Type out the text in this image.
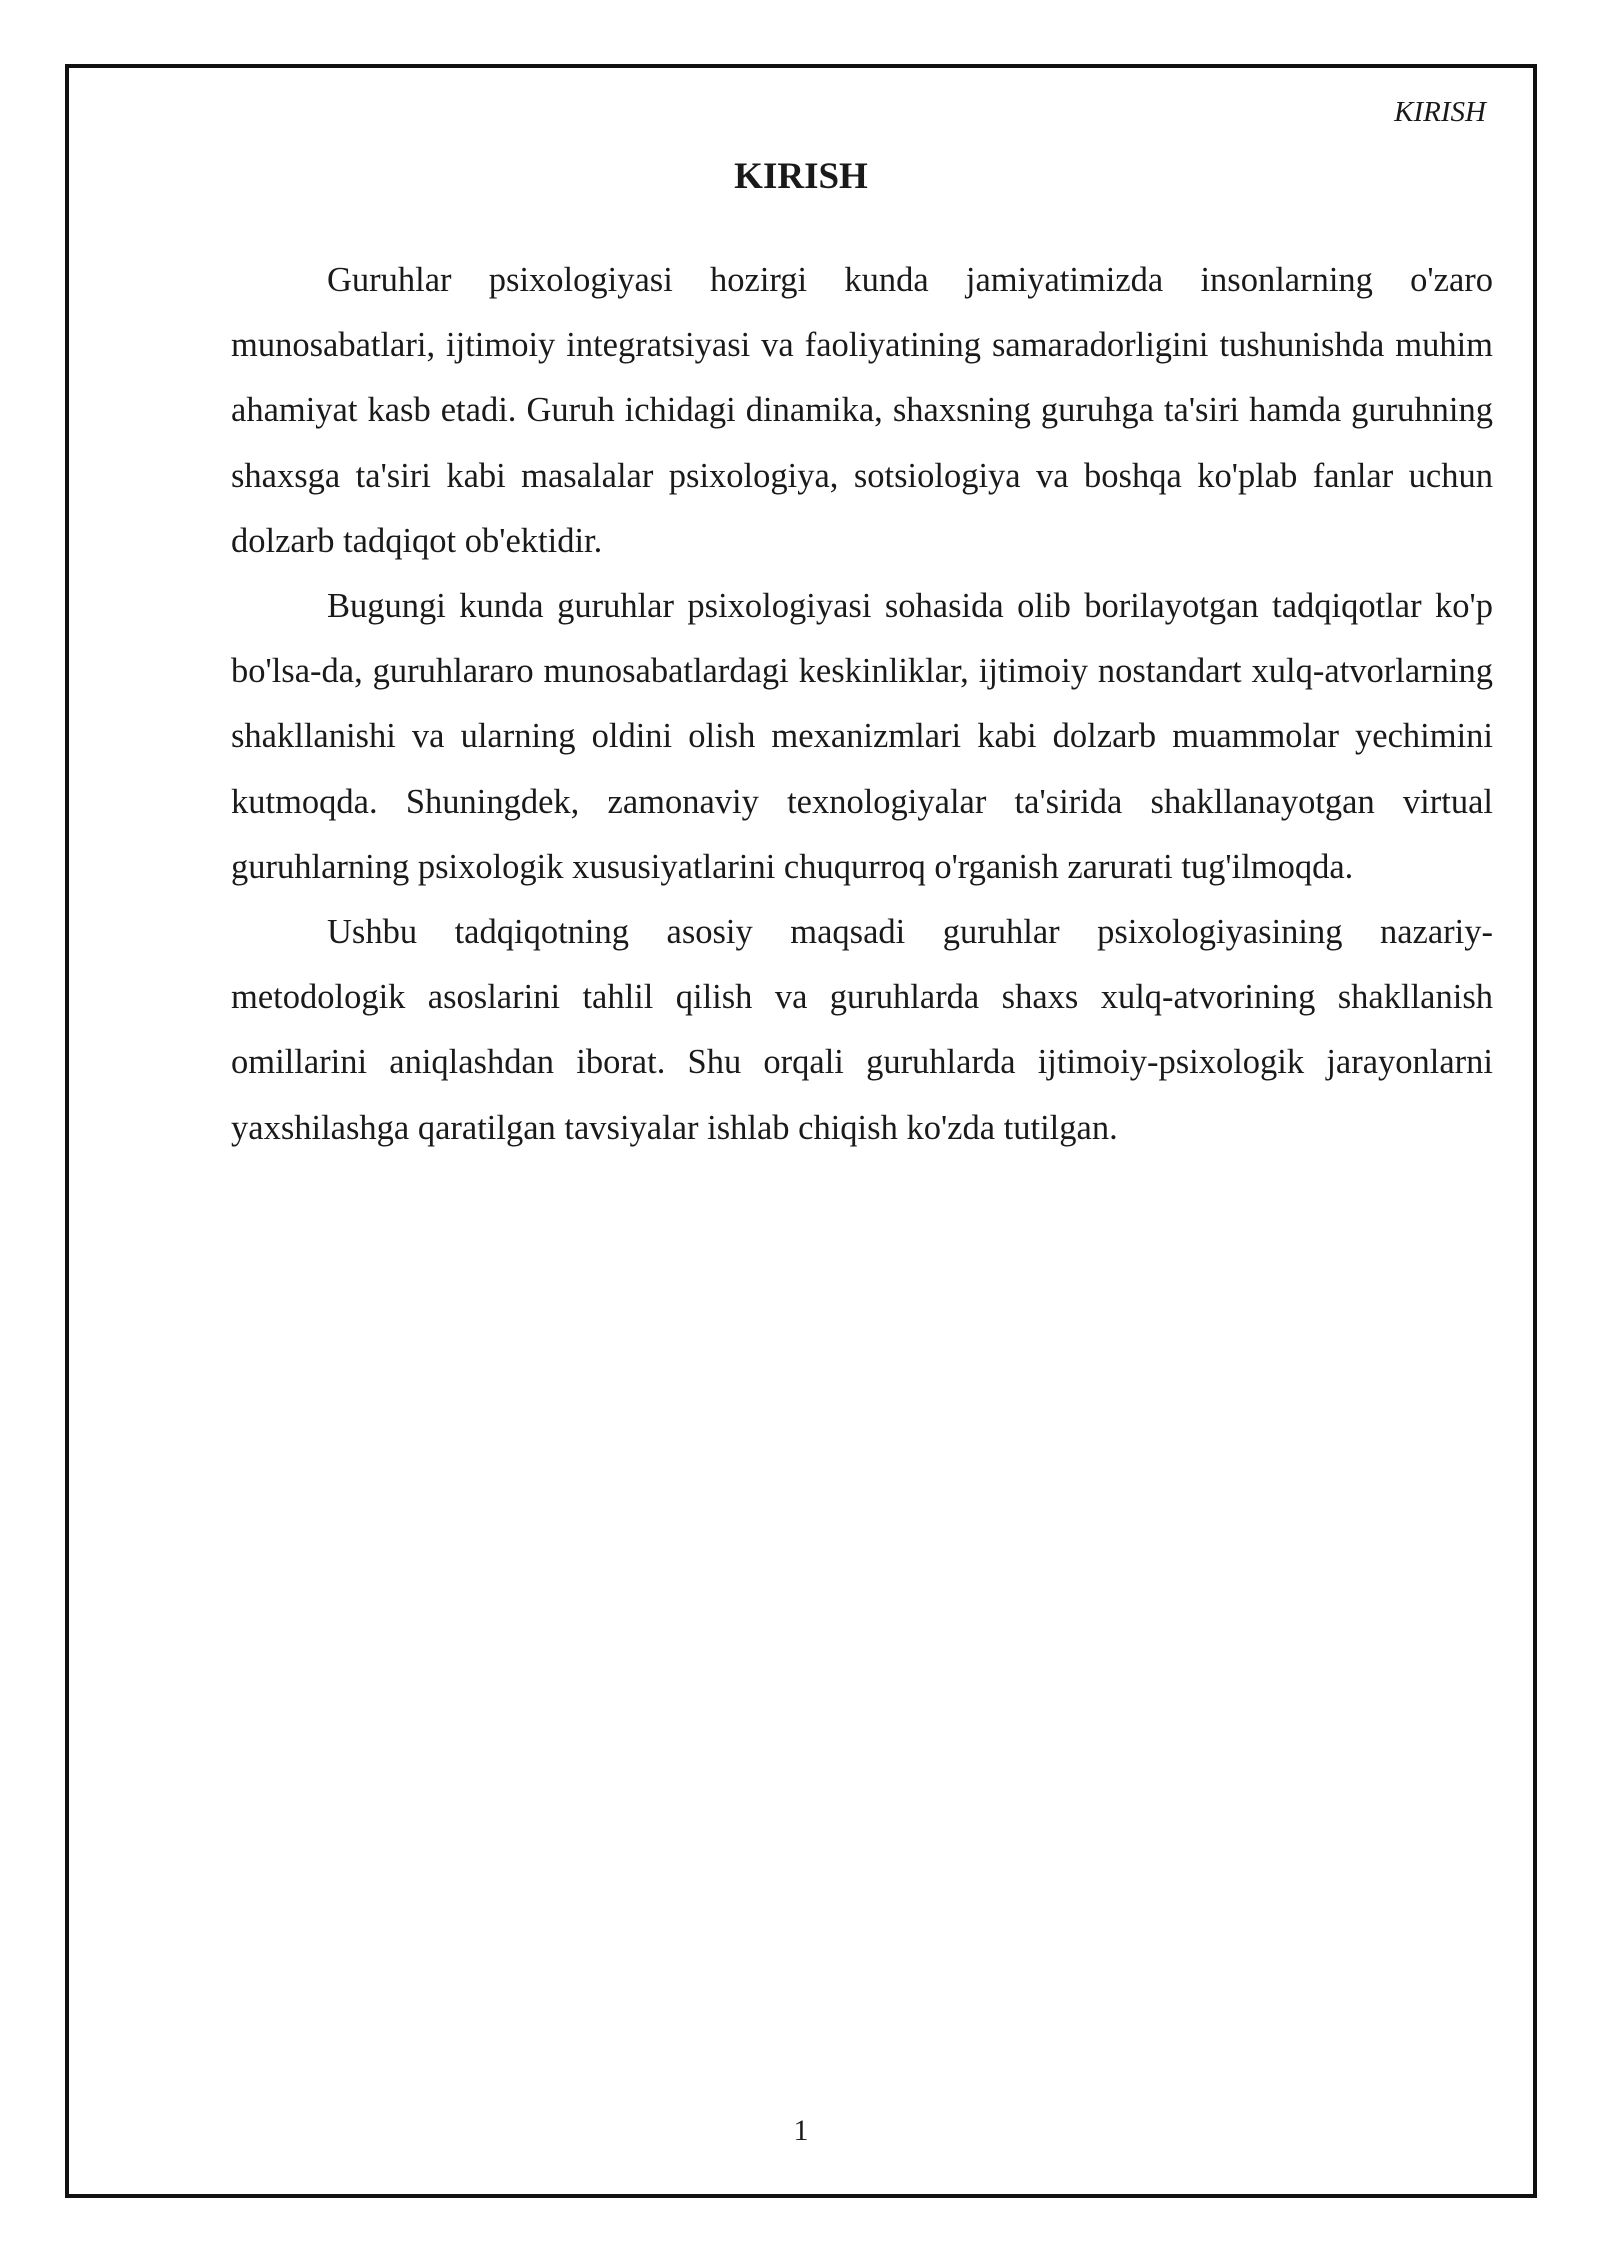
KIRISH
KIRISH

Guruhlar psixologiyasi hozirgi kunda jamiyatimizda insonlarning o'zaro munosabatlari, ijtimoiy integratsiyasi va faoliyatining samaradorligini tushunishda muhim ahamiyat kasb etadi. Guruh ichidagi dinamika, shaxsning guruhga ta'siri hamda guruhning shaxsga ta'siri kabi masalalar psixologiya, sotsiologiya va boshqa ko'plab fanlar uchun dolzarb tadqiqot ob'ektidir.

Bugungi kunda guruhlar psixologiyasi sohasida olib borilayotgan tadqiqotlar ko'p bo'lsa-da, guruhlararo munosabatlardagi keskinliklar, ijtimoiy nostandart xulq-atvorlarning shakllanishi va ularning oldini olish mexanizmlari kabi dolzarb muammolar yechimini kutmoqda. Shuningdek, zamonaviy texnologiyalar ta'sirida shakllanayotgan virtual guruhlarning psixologik xususiyatlarini chuqurroq o'rganish zarurati tug'ilmoqda.

Ushbu tadqiqotning asosiy maqsadi guruhlar psixologiyasining nazariy-metodologik asoslarini tahlil qilish va guruhlarda shaxs xulq-atvorining shakllanish omillarini aniqlashdan iborat. Shu orqali guruhlarda ijtimoiy-psixologik jarayonlarni yaxshilashga qaratilgan tavsiyalar ishlab chiqish ko'zda tutilgan.

1
